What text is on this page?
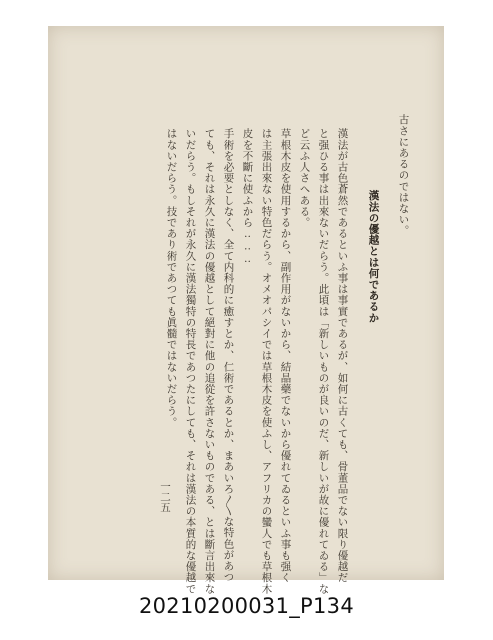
古さにあるのではない。
漢法の優越とは何であるか
漢法が古色蒼然であるといふ事は事實であるが、如何に古くても、骨董品でない限り優越だ
と强ひる事は出來ないだらう。此頃は「新しいものが良いのだ、新しいが故に優れてゐる」な
ど云ふ人さへある。
草根木皮を使用するから、副作用がないから、結晶藥でないから優れてゐるといふ事も强く
は主張出來ない特色だらう。オメオパシイでは草根木皮を使ふし、アフリカの蠻人でも草根木
皮を不斷に使ふから‥‥‥
手術を必要としなく、全て内科的に癒すとか、仁術であるとか、まあいろ〳〵な特色があつ
ても、それは永久に漢法の優越として絕對に他の追從を許さないものである、とは斷言出來な
いだらう。もしそれが永久に漢法獨特の特長であつたにしても、それは漢法の本質的な優越で
はないだらう。技であり術であつても眞髓ではないだらう。
一二五
20210200031_P134
